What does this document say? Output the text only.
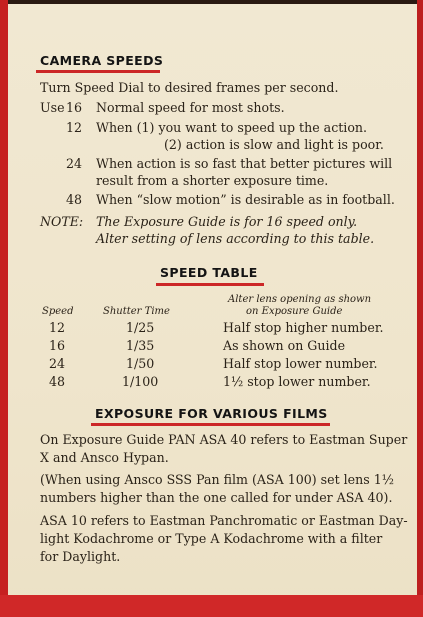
CAMERA SPEEDS
Turn Speed Dial to desired frames per second.
Use 16 Normal speed for most shots.
12 When (1) you want to speed up the action.
(2) action is slow and light is poor.
24 When action is so fast that better pictures will
result from a shorter exposure time.
48 When “slow motion” is desirable as in football.
NOTE: The Exposure Guide is for 16 speed only.
Alter setting of lens according to this table.
SPEED TABLE
Speed	Shutter Time
Alter lens opening as shown
on Exposure Guide
12	1/25	Half stop higher number.
16	1/35	As shown on Guide
24	1/50	Half stop lower number.
48	1/100	1½ stop lower number.
EXPOSURE FOR VARIOUS FILMS
On Exposure Guide PAN ASA 40 refers to Eastman Super
X and Ansco Hypan.
(When using Ansco SSS Pan film (ASA 100) set lens 1½
numbers higher than the one called for under ASA 40).
ASA 10 refers to Eastman Panchromatic or Eastman Day-
light Kodachrome or Type A Kodachrome with a filter
for Daylight.
